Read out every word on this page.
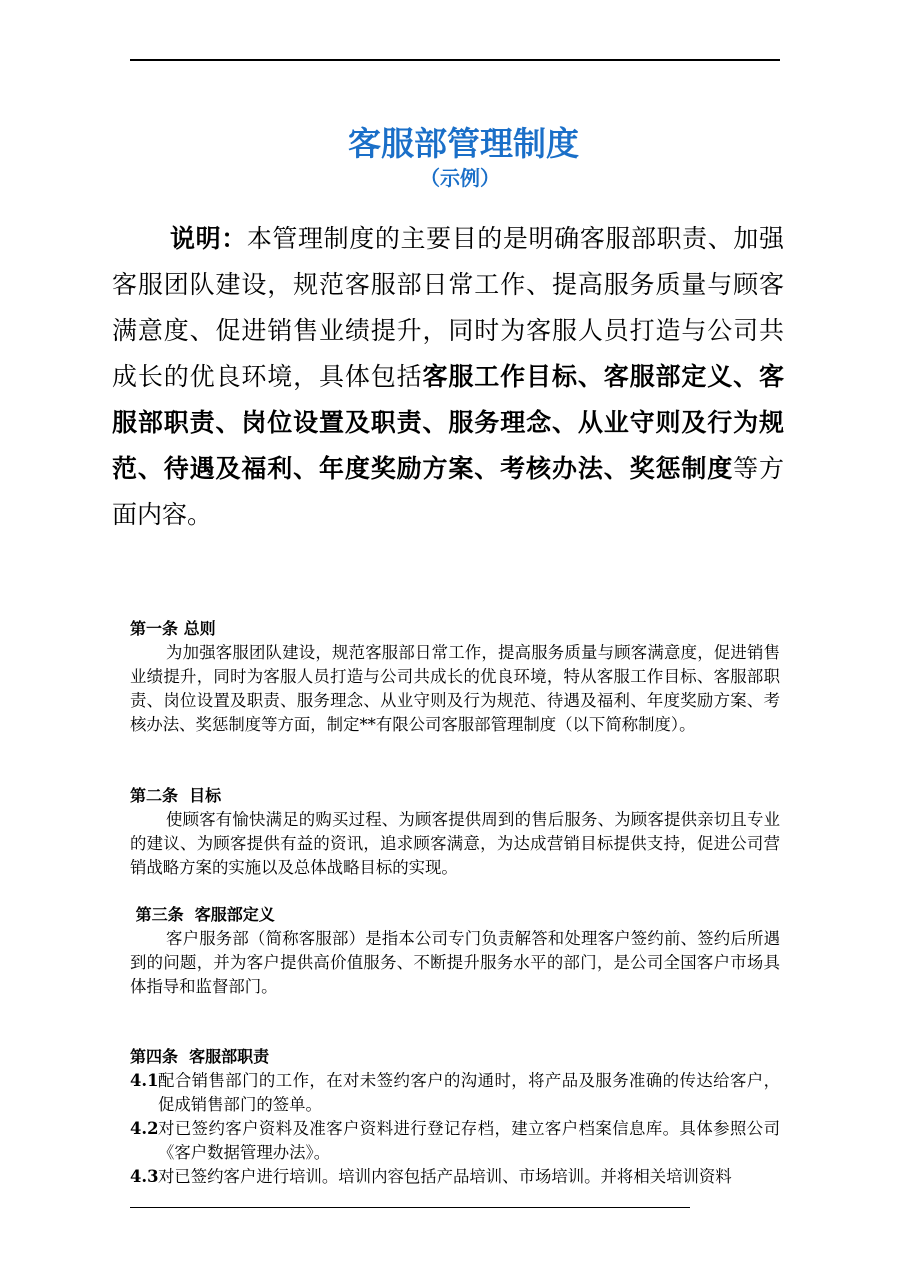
客服部管理制度
（示例）
说明：本管理制度的主要目的是明确客服部职责、加强客服团队建设，规范客服部日常工作、提高服务质量与顾客满意度、促进销售业绩提升，同时为客服人员打造与公司共成长的优良环境，具体包括客服工作目标、客服部定义、客服部职责、岗位设置及职责、服务理念、从业守则及行为规范、待遇及福利、年度奖励方案、考核办法、奖惩制度等方面内容。
第一条 总则
为加强客服团队建设，规范客服部日常工作，提高服务质量与顾客满意度，促进销售业绩提升，同时为客服人员打造与公司共成长的优良环境，特从客服工作目标、客服部职责、岗位设置及职责、服务理念、从业守则及行为规范、待遇及福利、年度奖励方案、考核办法、奖惩制度等方面，制定**有限公司客服部管理制度（以下简称制度）。
第二条  目标
使顾客有愉快满足的购买过程、为顾客提供周到的售后服务、为顾客提供亲切且专业的建议、为顾客提供有益的资讯，追求顾客满意，为达成营销目标提供支持，促进公司营销战略方案的实施以及总体战略目标的实现。
第三条  客服部定义
客户服务部（简称客服部）是指本公司专门负责解答和处理客户签约前、签约后所遇到的问题，并为客户提供高价值服务、不断提升服务水平的部门，是公司全国客户市场具体指导和监督部门。
第四条  客服部职责
4.1 配合销售部门的工作，在对未签约客户的沟通时，将产品及服务准确的传达给客户，促成销售部门的签单。
4.2 对已签约客户资料及准客户资料进行登记存档，建立客户档案信息库。具体参照公司《客户数据管理办法》。
4.3 对已签约客户进行培训。培训内容包括产品培训、市场培训。并将相关培训资料
